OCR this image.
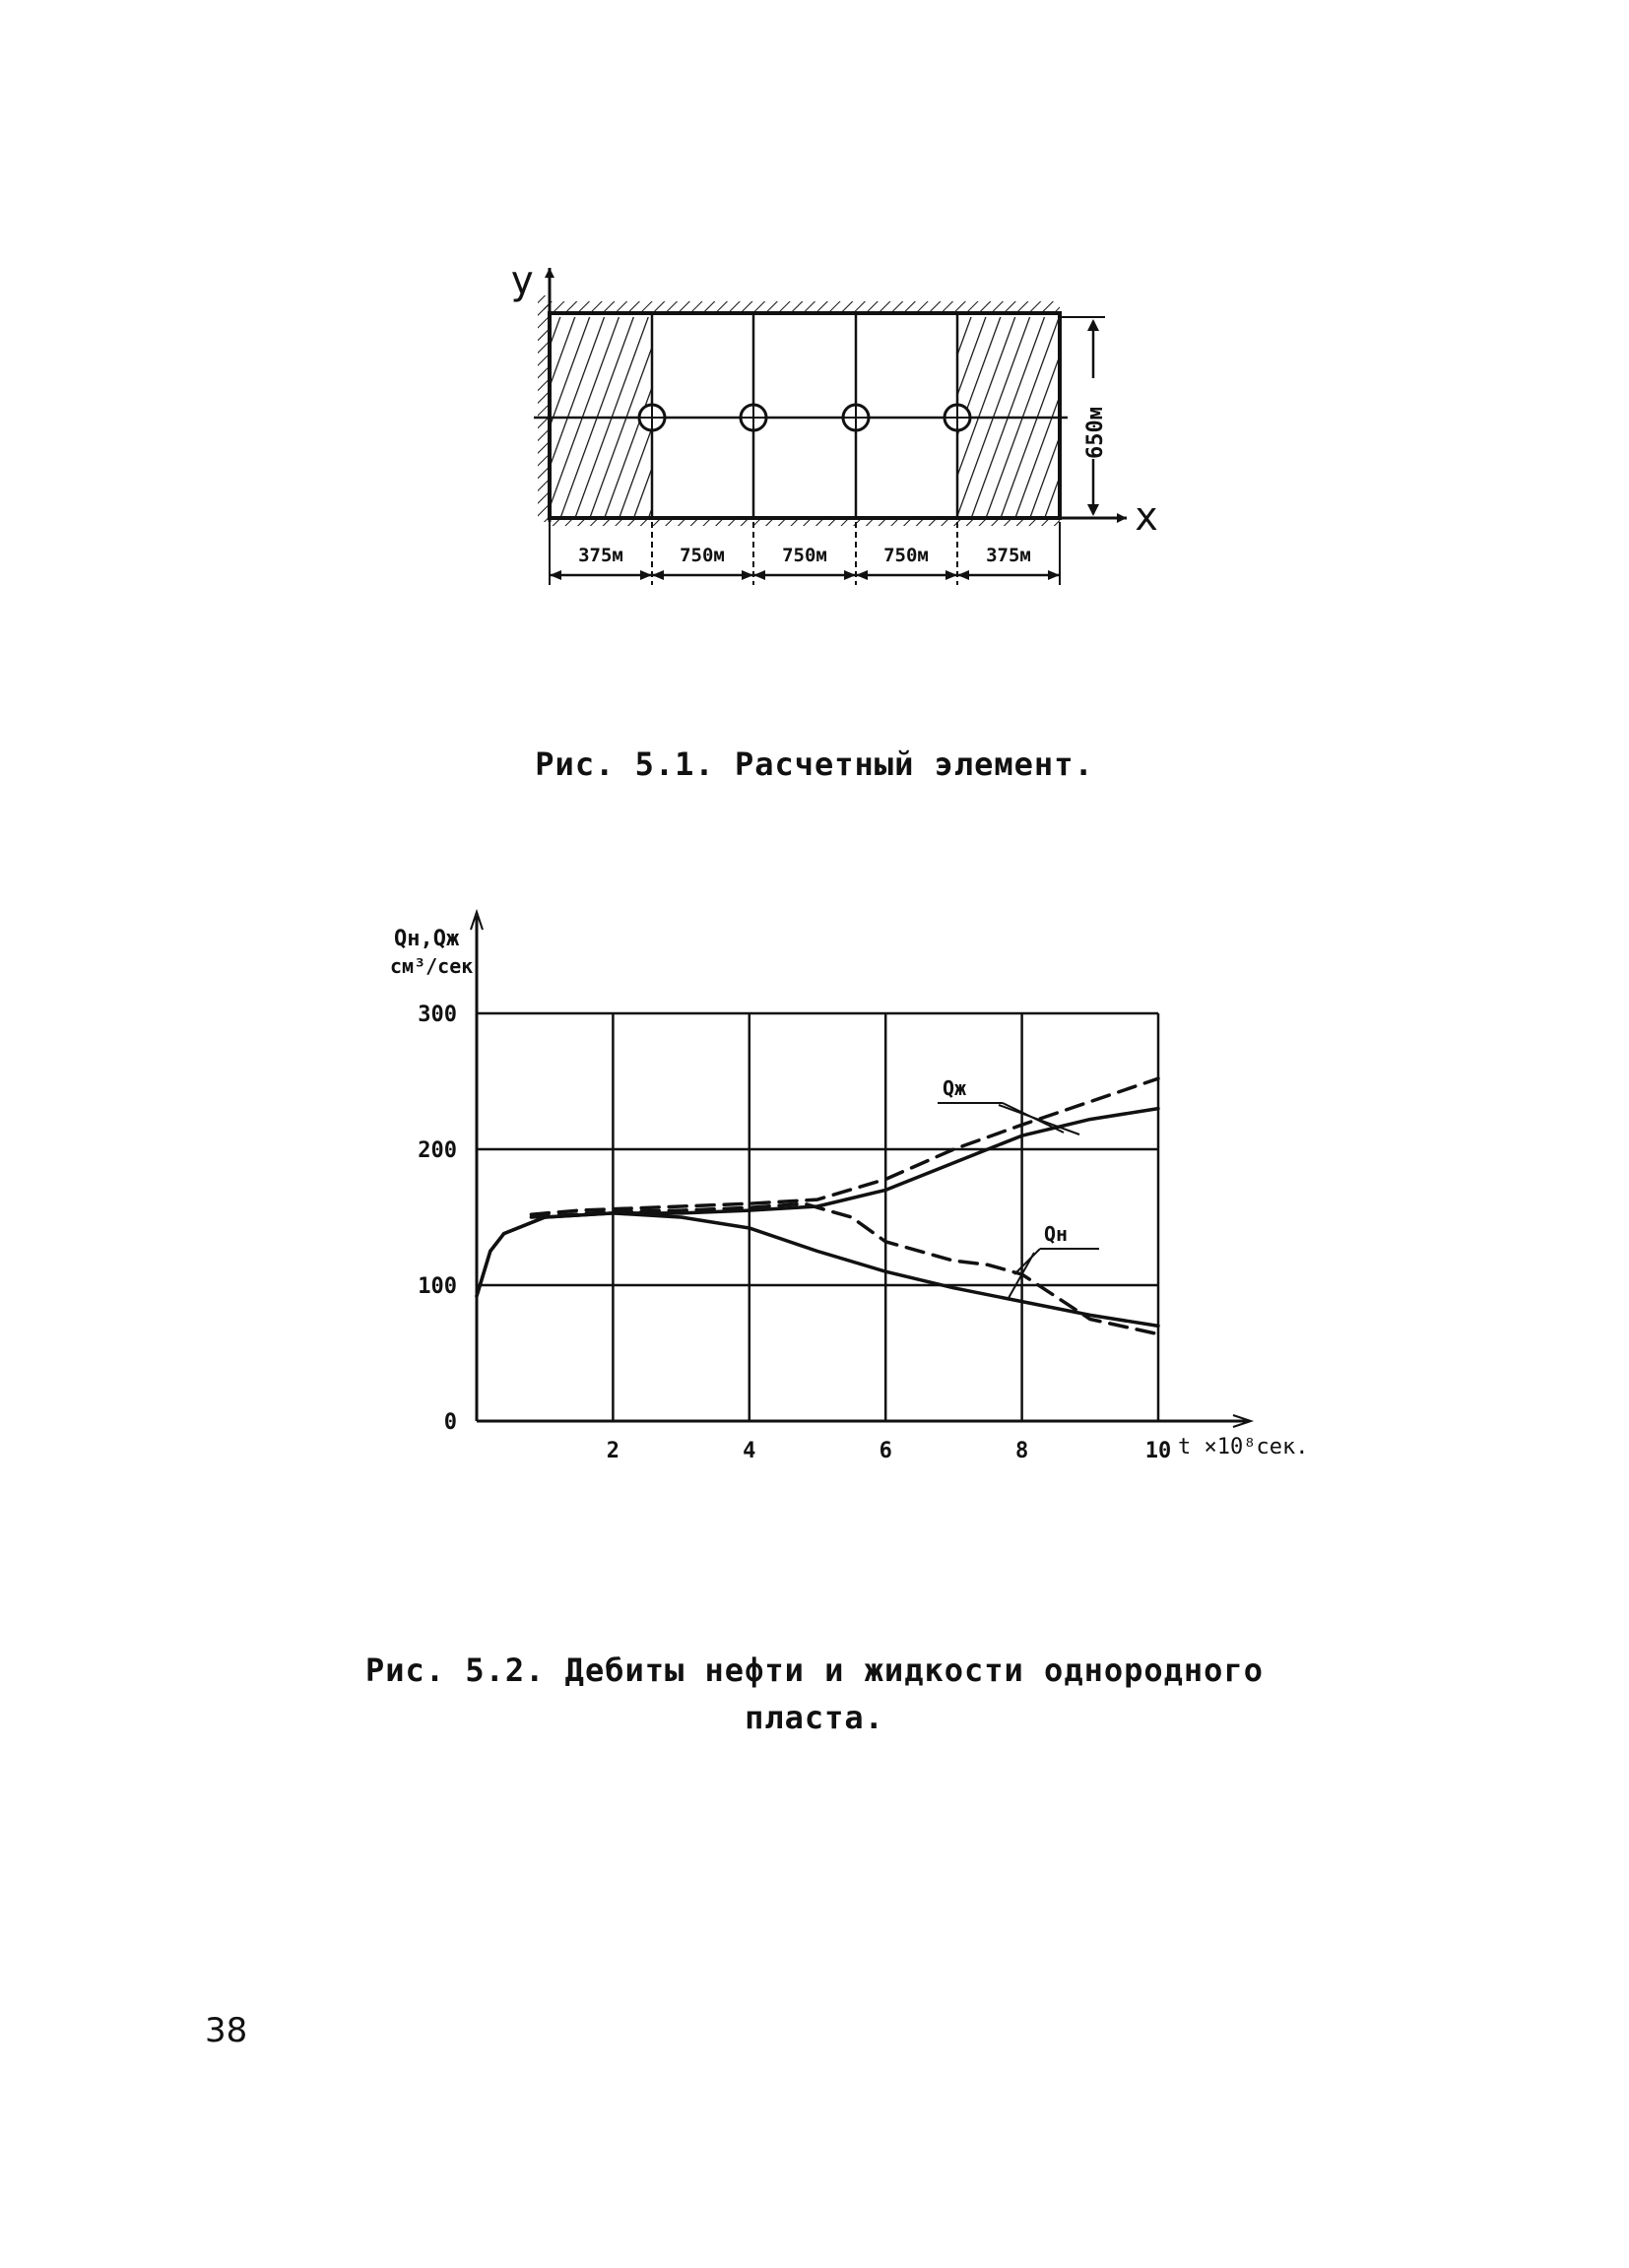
y
x
650м
375м	750м	750м	750м	375м
0
100
200
300
2	4	6	8	10
Qн,Qж
см³/сек
t ×10⁸сек.
Qж
Qн
Рис. 5.1. Расчетный элемент.
Рис. 5.2. Дебиты нефти и жидкости однородного
пласта.
38
